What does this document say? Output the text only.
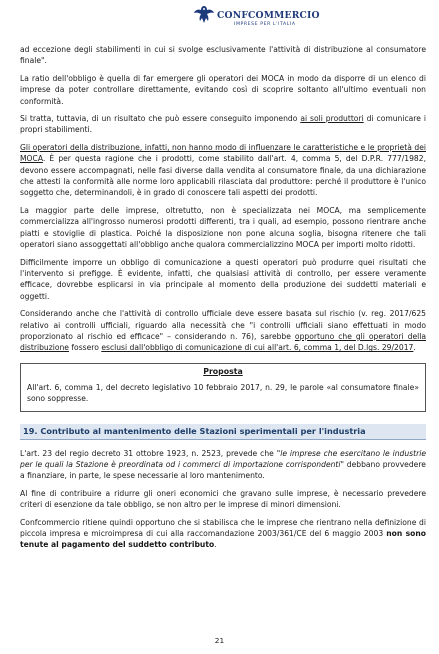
CONFCOMMERCIO
IMPRESE PER L'ITALIA

ad eccezione degli stabilimenti in cui si svolge esclusivamente l'attività di distribuzione al consumatore finale".

La ratio dell'obbligo è quella di far emergere gli operatori dei MOCA in modo da disporre di un elenco di imprese da poter controllare direttamente, evitando così di scoprire soltanto all'ultimo eventuali non conformità.

Si tratta, tuttavia, di un risultato che può essere conseguito imponendo ai soli produttori di comunicare i propri stabilimenti.

Gli operatori della distribuzione, infatti, non hanno modo di influenzare le caratteristiche e le proprietà dei MOCA. È per questa ragione che i prodotti, come stabilito dall'art. 4, comma 5, del D.P.R. 777/1982, devono essere accompagnati, nelle fasi diverse dalla vendita al consumatore finale, da una dichiarazione che attesti la conformità alle norme loro applicabili rilasciata dal produttore: perché il produttore è l'unico soggetto che, determinandoli, è in grado di conoscere tali aspetti dei prodotti.

La maggior parte delle imprese, oltretutto, non è specializzata nei MOCA, ma semplicemente commercializza all'ingrosso numerosi prodotti differenti, tra i quali, ad esempio, possono rientrare anche piatti e stoviglie di plastica. Poiché la disposizione non pone alcuna soglia, bisogna ritenere che tali operatori siano assoggettati all'obbligo anche qualora commercializzino MOCA per importi molto ridotti.

Difficilmente imporre un obbligo di comunicazione a questi operatori può produrre quei risultati che l'intervento si prefigge. È evidente, infatti, che qualsiasi attività di controllo, per essere veramente efficace, dovrebbe esplicarsi in via principale al momento della produzione dei suddetti materiali e oggetti.

Considerando anche che l'attività di controllo ufficiale deve essere basata sul rischio (v. reg. 2017/625 relativo ai controlli ufficiali, riguardo alla necessità che "i controlli ufficiali siano effettuati in modo proporzionato al rischio ed efficace" – considerando n. 76), sarebbe opportuno che gli operatori della distribuzione fossero esclusi dall'obbligo di comunicazione di cui all'art. 6, comma 1, del D.lgs. 29/2017.

Proposta

All'art. 6, comma 1, del decreto legislativo 10 febbraio 2017, n. 29, le parole «al consumatore finale» sono soppresse.

19. Contributo al mantenimento delle Stazioni sperimentali per l'industria

L'art. 23 del regio decreto 31 ottobre 1923, n. 2523, prevede che "le imprese che esercitano le industrie per le quali la Stazione è preordinata od i commerci di importazione corrispondenti" debbano provvedere a finanziare, in parte, le spese necessarie al loro mantenimento.

Al fine di contribuire a ridurre gli oneri economici che gravano sulle imprese, è necessario prevedere criteri di esenzione da tale obbligo, se non altro per le imprese di minori dimensioni.

Confcommercio ritiene quindi opportuno che si stabilisca che le imprese che rientrano nella definizione di piccola impresa e microimpresa di cui alla raccomandazione 2003/361/CE del 6 maggio 2003 non sono tenute al pagamento del suddetto contributo.

21
